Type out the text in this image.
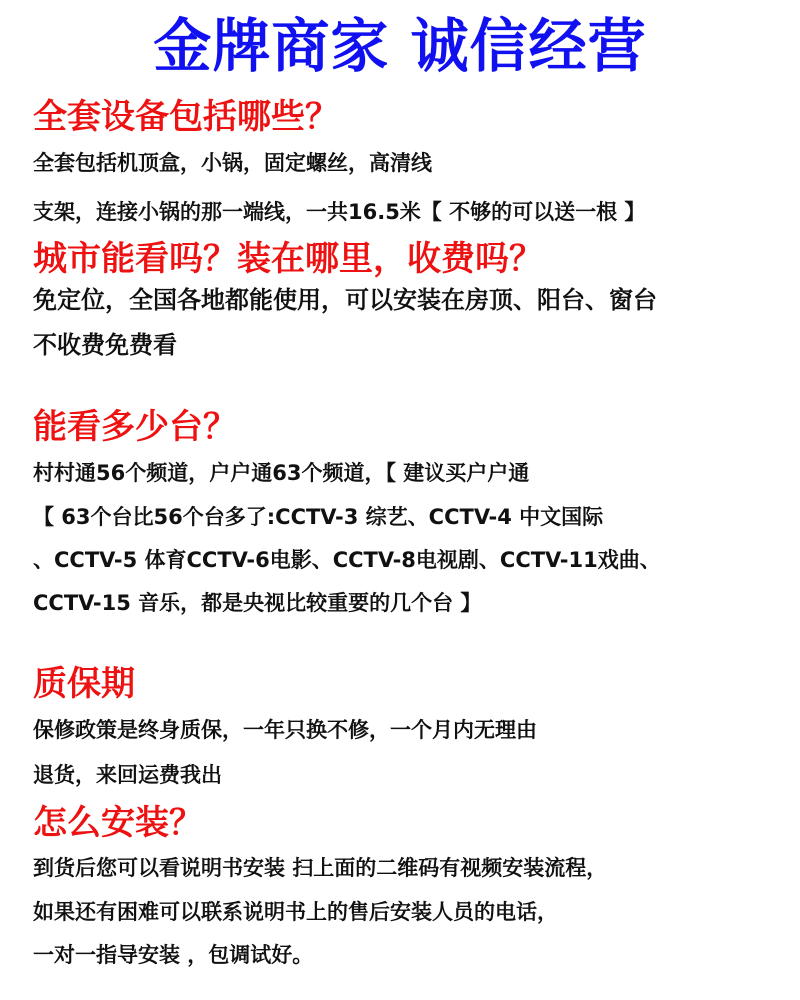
金牌商家 诚信经营
全套设备包括哪些？
全套包括机顶盒，小锅，固定螺丝，高清线
支架，连接小锅的那一端线，一共16.5米【 不够的可以送一根 】
城市能看吗？装在哪里，收费吗？
免定位，全国各地都能使用，可以安装在房顶、阳台、窗台
不收费免费看
能看多少台？
村村通56个频道，户户通63个频道，【 建议买户户通
【 63个台比56个台多了:CCTV-3 综艺、CCTV-4 中文国际
、CCTV-5 体育CCTV-6电影、CCTV-8电视剧、CCTV-11戏曲、
CCTV-15 音乐，都是央视比较重要的几个台 】
质保期
保修政策是终身质保，一年只换不修，一个月内无理由
退货，来回运费我出
怎么安装？
到货后您可以看说明书安装 扫上面的二维码有视频安装流程，
如果还有困难可以联系说明书上的售后安装人员的电话，
一对一指导安装 ，包调试好。
